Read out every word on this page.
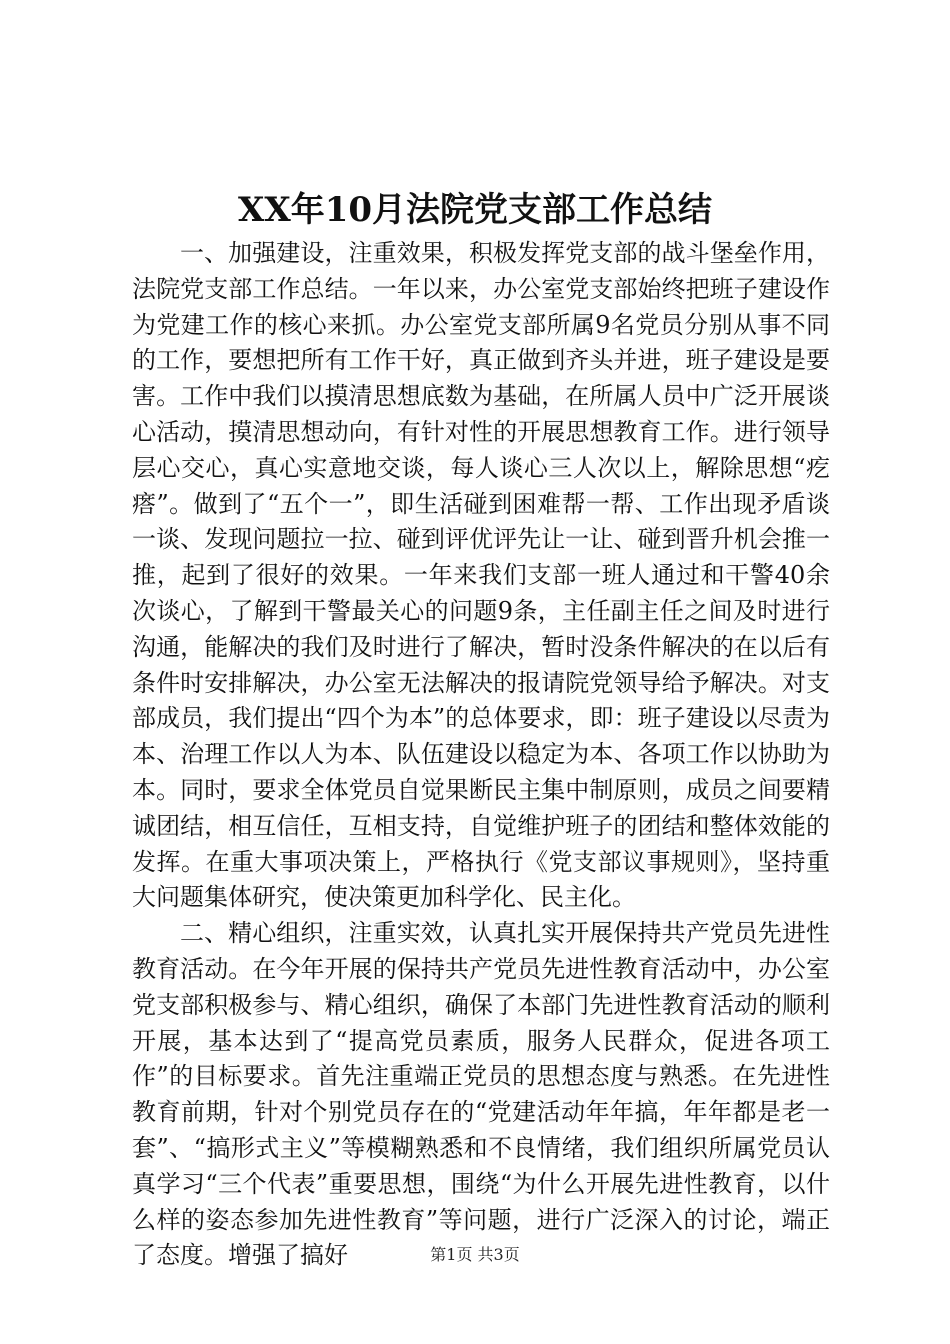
XX年10月法院党支部工作总结

一、加强建设，注重效果，积极发挥党支部的战斗堡垒作用，法院党支部工作总结。一年以来，办公室党支部始终把班子建设作为党建工作的核心来抓。办公室党支部所属9名党员分别从事不同的工作，要想把所有工作干好，真正做到齐头并进，班子建设是要害。工作中我们以摸清思想底数为基础，在所属人员中广泛开展谈心活动，摸清思想动向，有针对性的开展思想教育工作。进行领导层心交心，真心实意地交谈，每人谈心三人次以上，解除思想“疙瘩”。做到了“五个一”，即生活碰到困难帮一帮、工作出现矛盾谈一谈、发现问题拉一拉、碰到评优评先让一让、碰到晋升机会推一推，起到了很好的效果。一年来我们支部一班人通过和干警40余次谈心，了解到干警最关心的问题9条，主任副主任之间及时进行沟通，能解决的我们及时进行了解决，暂时没条件解决的在以后有条件时安排解决，办公室无法解决的报请院党领导给予解决。对支部成员，我们提出“四个为本”的总体要求，即：班子建设以尽责为本、治理工作以人为本、队伍建设以稳定为本、各项工作以协助为本。同时，要求全体党员自觉果断民主集中制原则，成员之间要精诚团结，相互信任，互相支持，自觉维护班子的团结和整体效能的发挥。在重大事项决策上，严格执行《党支部议事规则》，坚持重大问题集体研究，使决策更加科学化、民主化。

二、精心组织，注重实效，认真扎实开展保持共产党员先进性教育活动。在今年开展的保持共产党员先进性教育活动中，办公室党支部积极参与、精心组织，确保了本部门先进性教育活动的顺利开展，基本达到了“提高党员素质，服务人民群众，促进各项工作”的目标要求。首先注重端正党员的思想态度与熟悉。在先进性教育前期，针对个别党员存在的“党建活动年年搞，年年都是老一套”、“搞形式主义”等模糊熟悉和不良情绪，我们组织所属党员认真学习“三个代表”重要思想，围绕“为什么开展先进性教育，以什么样的姿态参加先进性教育”等问题，进行广泛深入的讨论，端正了态度。增强了搞好	第1页 共3页
